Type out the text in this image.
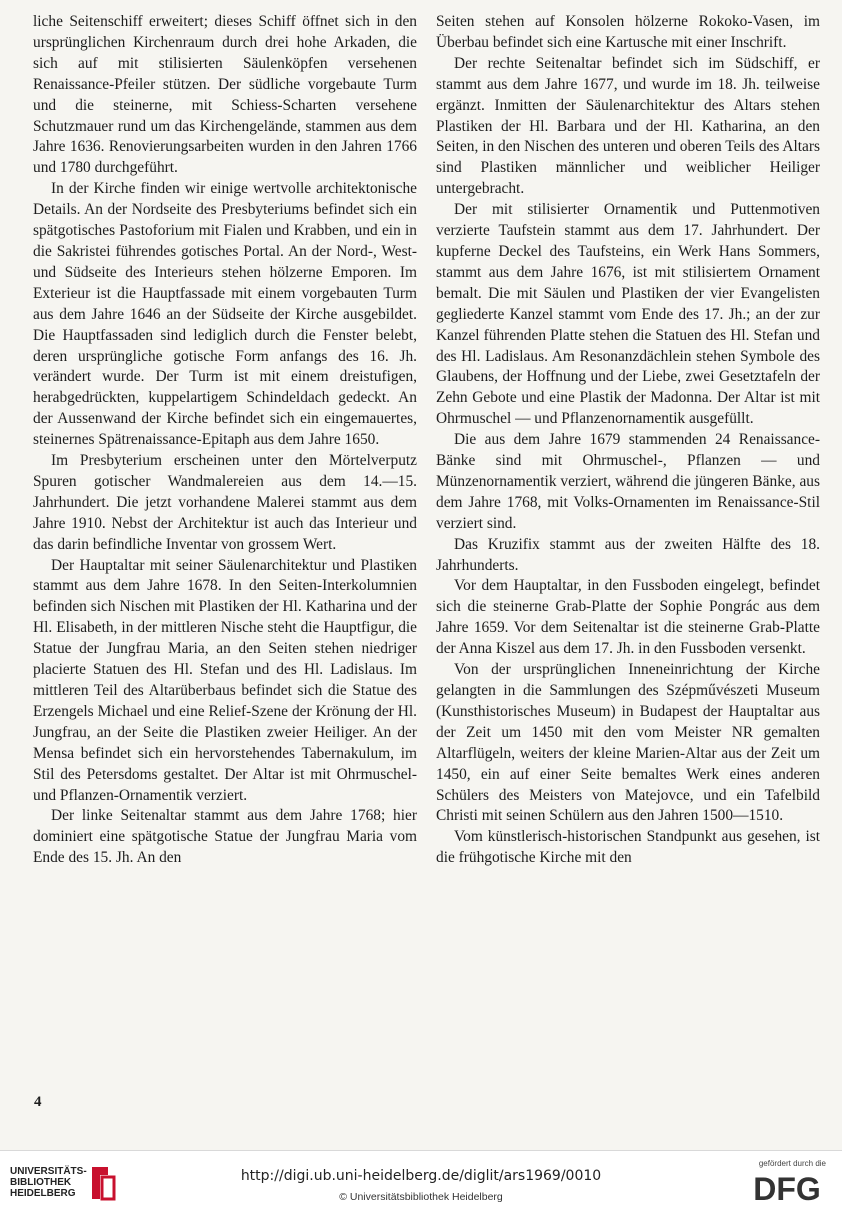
liche Seitenschiff erweitert; dieses Schiff öffnet sich in den ursprünglichen Kirchenraum durch drei hohe Arkaden, die sich auf mit stilisierten Säulenköpfen versehenen Renaissance-Pfeiler stützen. Der südliche vorgebaute Turm und die steinerne, mit Schiess-Scharten versehene Schutzmauer rund um das Kirchengelände, stammen aus dem Jahre 1636. Renovierungsarbeiten wurden in den Jahren 1766 und 1780 durchgeführt.

In der Kirche finden wir einige wertvolle architektonische Details. An der Nordseite des Presbyteriums befindet sich ein spätgotisches Pastoforium mit Fialen und Krabben, und ein in die Sakristei führendes gotisches Portal. An der Nord-, West- und Südseite des Interieurs stehen hölzerne Emporen. Im Exterieur ist die Hauptfassade mit einem vorgebauten Turm aus dem Jahre 1646 an der Südseite der Kirche ausgebildet. Die Hauptfassaden sind lediglich durch die Fenster belebt, deren ursprüngliche gotische Form anfangs des 16. Jh. verändert wurde. Der Turm ist mit einem dreistufigen, herabgedrückten, kuppelartigem Schindeldach gedeckt. An der Aussenwand der Kirche befindet sich ein eingemauertes, steinernes Spätrenaissance-Epitaph aus dem Jahre 1650.

Im Presbyterium erscheinen unter den Mörtelverputz Spuren gotischer Wandmalereien aus dem 14.—15. Jahrhundert. Die jetzt vorhandene Malerei stammt aus dem Jahre 1910. Nebst der Architektur ist auch das Interieur und das darin befindliche Inventar von grossem Wert.

Der Hauptaltar mit seiner Säulenarchitektur und Plastiken stammt aus dem Jahre 1678. In den Seiten-Interkolumnien befinden sich Nischen mit Plastiken der Hl. Katharina und der Hl. Elisabeth, in der mittleren Nische steht die Hauptfigur, die Statue der Jungfrau Maria, an den Seiten stehen niedriger placierte Statuen des Hl. Stefan und des Hl. Ladislaus. Im mittleren Teil des Altarüberbaus befindet sich die Statue des Erzengels Michael und eine Relief-Szene der Krönung der Hl. Jungfrau, an der Seite die Plastiken zweier Heiliger. An der Mensa befindet sich ein hervorstehendes Tabernakulum, im Stil des Petersdoms gestaltet. Der Altar ist mit Ohrmuschel-und Pflanzen-Ornamentik verziert.

Der linke Seitenaltar stammt aus dem Jahre 1768; hier dominiert eine spätgotische Statue der Jungfrau Maria vom Ende des 15. Jh. An den

Seiten stehen auf Konsolen hölzerne Rokoko-Vasen, im Überbau befindet sich eine Kartusche mit einer Inschrift.

Der rechte Seitenaltar befindet sich im Südschiff, er stammt aus dem Jahre 1677, und wurde im 18. Jh. teilweise ergänzt. Inmitten der Säulenarchitektur des Altars stehen Plastiken der Hl. Barbara und der Hl. Katharina, an den Seiten, in den Nischen des unteren und oberen Teils des Altars sind Plastiken männlicher und weiblicher Heiliger untergebracht.

Der mit stilisierter Ornamentik und Puttenmotiven verzierte Taufstein stammt aus dem 17. Jahrhundert. Der kupferne Deckel des Taufsteins, ein Werk Hans Sommers, stammt aus dem Jahre 1676, ist mit stilisiertem Ornament bemalt. Die mit Säulen und Plastiken der vier Evangelisten gegliederte Kanzel stammt vom Ende des 17. Jh.; an der zur Kanzel führenden Platte stehen die Statuen des Hl. Stefan und des Hl. Ladislaus. Am Resonanzdächlein stehen Symbole des Glaubens, der Hoffnung und der Liebe, zwei Gesetztafeln der Zehn Gebote und eine Plastik der Madonna. Der Altar ist mit Ohrmuschel — und Pflanzenornamentik ausgefüllt.

Die aus dem Jahre 1679 stammenden 24 Renaissance-Bänke sind mit Ohrmuschel-, Pflanzen — und Münzenornamentik verziert, während die jüngeren Bänke, aus dem Jahre 1768, mit Volks-Ornamenten im Renaissance-Stil verziert sind.

Das Kruzifix stammt aus der zweiten Hälfte des 18. Jahrhunderts.

Vor dem Hauptaltar, in den Fussboden eingelegt, befindet sich die steinerne Grab-Platte der Sophie Pongrác aus dem Jahre 1659. Vor dem Seitenaltar ist die steinerne Grab-Platte der Anna Kiszel aus dem 17. Jh. in den Fussboden versenkt.

Von der ursprünglichen Inneneinrichtung der Kirche gelangten in die Sammlungen des Szépművészeti Museum (Kunsthistorisches Museum) in Budapest der Hauptaltar aus der Zeit um 1450 mit den vom Meister NR gemalten Altarflügeln, weiters der kleine Marien-Altar aus der Zeit um 1450, ein auf einer Seite bemaltes Werk eines anderen Schülers des Meisters von Matejovce, und ein Tafelbild Christi mit seinen Schülern aus den Jahren 1500—1510.

Vom künstlerisch-historischen Standpunkt aus gesehen, ist die frühgotische Kirche mit den

4
UNIVERSITÄTS-
BIBLIOTHEK
HEIDELBERG
http://digi.ub.uni-heidelberg.de/diglit/ars1969/0010
© Universitätsbibliothek Heidelberg
gefördert durch die
DFG
